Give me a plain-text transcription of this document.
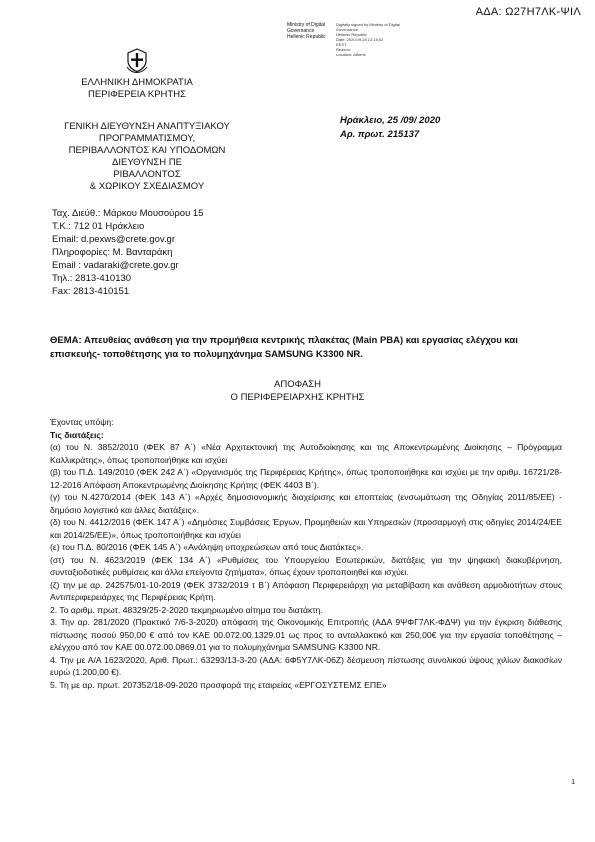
ΑΔΑ: Ω27Η7ΛΚ-ΨΙΛ
Ministry of Digital
Governance
Hellenic Republic
Digitally signed by Ministry of Digital Governance
Hellenic Republic
Date: 2020.09.28 12:15:02
EEST
Reason:
Location: Athens
ΕΛΛΗΝΙΚΗ ΔΗΜΟΚΡΑΤΙΑ
ΠΕΡΙΦΕΡΕΙΑ ΚΡΗΤΗΣ
ΓΕΝΙΚΗ ΔΙΕΥΘΥΝΣΗ ΑΝΑΠΤΥΞΙΑΚΟΥ
ΠΡΟΓΡΑΜΜΑΤΙΣΜΟΥ,
ΠΕΡΙΒΑΛΛΟΝΤΟΣ ΚΑΙ ΥΠΟΔΟΜΩΝ
ΔΙΕΥΘΥΝΣΗ ΠΕ
ΡΙΒΑΛΛΟΝΤΟΣ
& ΧΩΡΙΚΟΥ ΣΧΕΔΙΑΣΜΟΥ
Ταχ. Διεύθ.: Μάρκου Μουσούρου 15
Τ.Κ.: 712 01 Ηράκλειο
Email: d.pexws@crete.gov.gr
Πληροφορίες: Μ. Βανταράκη
Email : vadaraki@crete.gov.gr
Τηλ.: 2813-410130
Fax: 2813-410151
Ηράκλειο, 25 /09/ 2020
Αρ. πρωτ. 215137
ΘΕΜΑ: Απευθείας ανάθεση για την προμήθεια κεντρικής πλακέτας (Main PBA) και εργασίας ελέγχου και επισκευής- τοποθέτησης για το πολυμηχάνημα SAMSUNG K3300 NR.
ΑΠΟΦΑΣΗ
Ο ΠΕΡΙΦΕΡΕΙΑΡΧΗΣ ΚΡΗΤΗΣ

Έχοντας υπόψη:

Τις διατάξεις:

(α) του Ν. 3852/2010 (ΦΕΚ 87 Α΄) «Νέα Αρχιτεκτονική της Αυτοδιοίκησης και της Αποκεντρωμένης Διοίκησης – Πρόγραμμα Καλλικράτης», όπως τροποποιήθηκε και ισχύει

(β) του Π.Δ. 149/2010 (ΦΕΚ 242 Α΄) «Οργανισμός της Περιφέρειας Κρήτης», όπως τροποποιήθηκε και ισχύει με την αριθμ. 16721/28-12-2016 Απόφαση Αποκεντρωμένης Διοίκησης Κρήτης (ΦΕΚ 4403 Β΄).

(γ) του Ν.4270/2014 (ΦΕΚ 143 Α΄) «Αρχές δημοσιονομικής διαχείρισης και εποπτείας (ενσωμάτωση της Οδηγίας 2011/85/ΕΕ) - δημόσιο λογιστικό και άλλες διατάξεις».

(δ) του Ν. 4412/2016 (ΦΕΚ 147 Α΄) «Δημόσιες Συμβάσεις Έργων, Προμηθειών και Υπηρεσιών (προσαρμογή στις οδηγίες 2014/24/ΕΕ και 2014/25/ΕΕ)», όπως τροποποιήθηκε και ισχύει

(ε) του Π.Δ. 80/2016 (ΦΕΚ 145 Α΄) «Ανάληψη υποχρεώσεων από τους Διατάκτες».

(στ) του Ν. 4623/2019 (ΦΕΚ 134 Α΄) «Ρυθμίσεις του Υπουργείου Εσωτερικών, διατάξεις για την ψηφιακή διακυβέρνηση, συνταξιοδοτικές ρυθμίσεις και άλλα επείγοντα ζητήματα», όπως έχουν τροποποιηθεί και ισχύει.

(ζ) την με αρ. 242575/01-10-2019 (ΦΕΚ 3732/2019 τ Β΄) Απόφαση Περιφερειάρχη για μεταβίβαση και ανάθεση αρμοδιοτήτων στους Αντιπεριφερειάρχες της Περιφέρειας Κρήτη.

2. Το αριθμ. πρωτ. 48329/25-2-2020 τεκμηριωμένο αίτημα του διατάκτη.

3. Την αρ. 281/2020 (Πρακτικό 7/6-3-2020) απόφαση της Οικονομικής Επιτροπής (ΑΔΑ 9ΨΦΓ7ΛΚ-ΦΔΨ) για την έγκριση διάθεσης πίστωσης ποσού 950,00 € από τον ΚΑΕ 00.072.00.1329.01 ως προς το ανταλλακτικό και 250,00€ για την εργασία τοποθέτησης – ελέγχου από τον ΚΑΕ 00.072.00.0869.01 για το πολυμηχάνημα SAMSUNG K3300 NR.

4. Την με Α/Α 1623/2020, Αριθ. Πρωτ.: 63293/13-3-20 (ΑΔΑ: 6Φ5Υ7ΛΚ-06Ζ) δέσμευση πίστωσης συνολικού ύψους χιλίων διακοσίων ευρώ (1.200,00 €).

5. Τη με αρ. πρωτ. 207352/18-09-2020 προσφορά της εταιρείας «ΕΡΓΟΣΥΣΤΕΜΣ ΕΠΕ»

1
